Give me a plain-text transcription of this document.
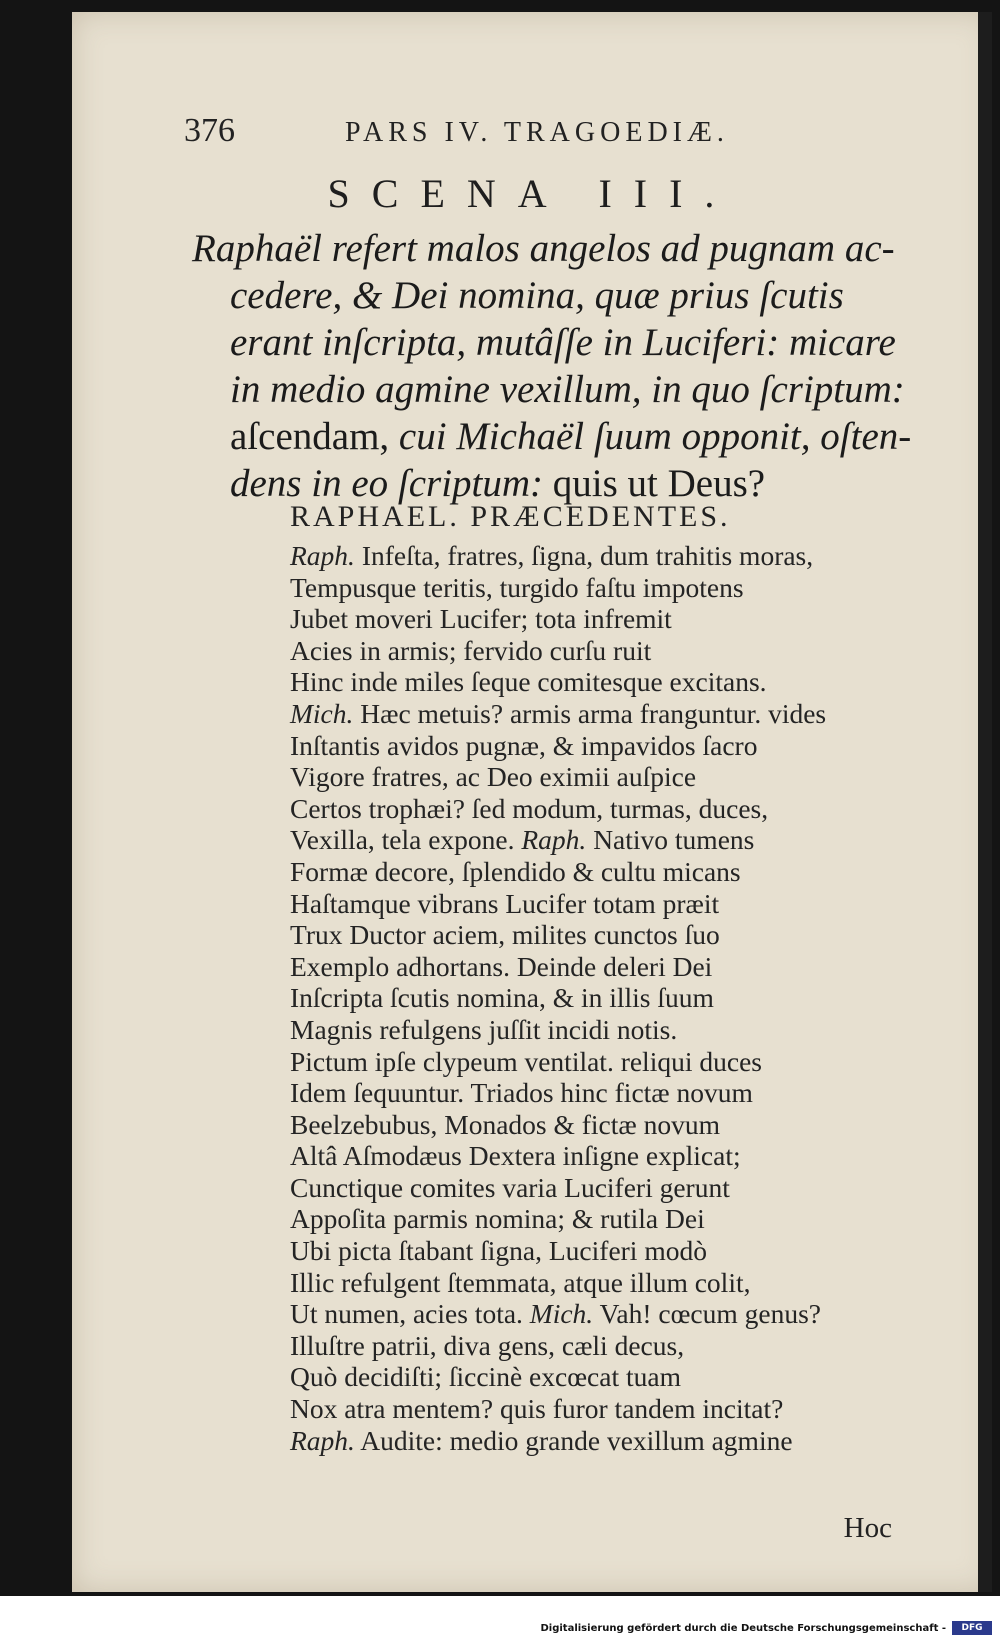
376	PARS IV. TRAGOEDIÆ.
SCENA III.

Raphaël refert malos angelos ad pugnam ac-

cedere, & Dei nomina, quæ prius ſcutis

erant inſcripta, mutâſſe in Luciferi: micare

in medio agmine vexillum, in quo ſcriptum:

aſcendam, cui Michaël ſuum opponit, oſten-

dens in eo ſcriptum: quis ut Deus?

RAPHAEL. PRÆCEDENTES.
Raph. Infeſta, fratres, ſigna, dum trahitis moras,
Tempusque teritis, turgido faſtu impotens
Jubet moveri Lucifer; tota infremit
Acies in armis; fervido curſu ruit
Hinc inde miles ſeque comitesque excitans.
Mich. Hæc metuis? armis arma franguntur. vides
Inſtantis avidos pugnæ, & impavidos ſacro
Vigore fratres, ac Deo eximii auſpice
Certos trophæi? ſed modum, turmas, duces,
Vexilla, tela expone. Raph. Nativo tumens
Formæ decore, ſplendido & cultu micans
Haſtamque vibrans Lucifer totam præit
Trux Ductor aciem, milites cunctos ſuo
Exemplo adhortans. Deinde deleri Dei
Inſcripta ſcutis nomina, & in illis ſuum
Magnis refulgens juſſit incidi notis.
Pictum ipſe clypeum ventilat. reliqui duces
Idem ſequuntur. Triados hinc fictæ novum
Beelzebubus, Monados & fictæ novum
Altâ Aſmodæus Dextera inſigne explicat;
Cunctique comites varia Luciferi gerunt
Appoſita parmis nomina; & rutila Dei
Ubi picta ſtabant ſigna, Luciferi modò
Illic refulgent ſtemmata, atque illum colit,
Ut numen, acies tota. Mich. Vah! cœcum genus?
Illuſtre patrii, diva gens, cæli decus,
Quò decidiſti; ſiccinè excœcat tuam
Nox atra mentem? quis furor tandem incitat?
Raph. Audite: medio grande vexillum agmine
Hoc
Digitalisierung gefördert durch die Deutsche Forschungsgemeinschaft -	DFG
